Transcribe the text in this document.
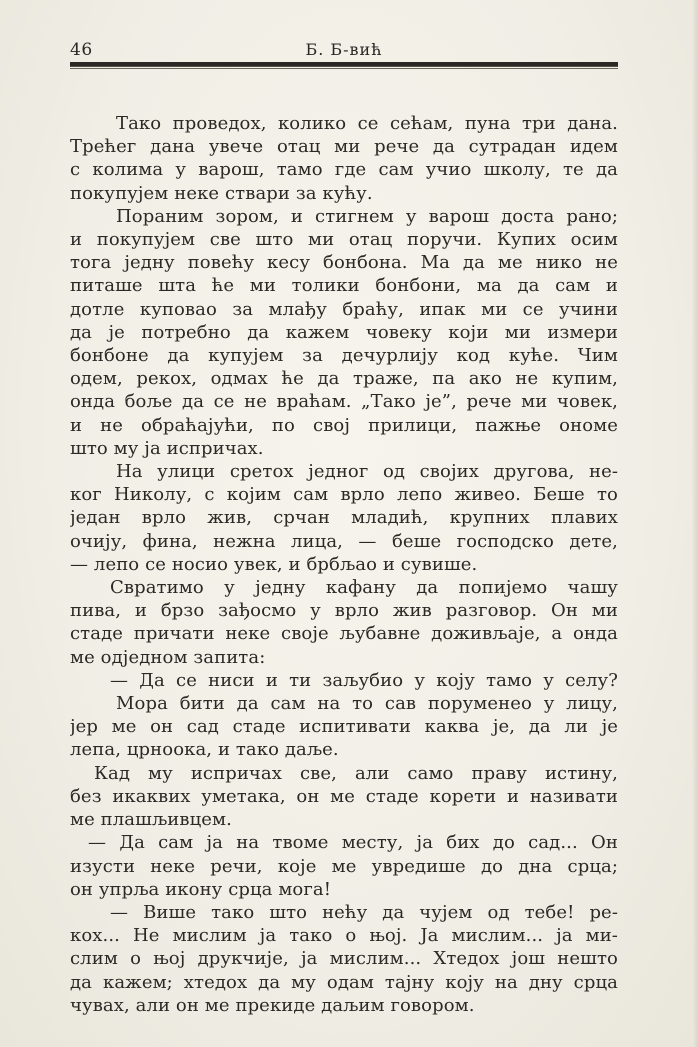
46	Б. Б-вић
Тако проведох, колико се сећам, пуна три дана.
Трећег дана увече отац ми рече да сутрадан идем
с колима у варош, тамо где сам учио школу, те да
покупујем неке ствари за кућу.
Пораним зором, и стигнем у варош доста рано;
и покупујем све што ми отац поручи. Купих осим
тога једну повећу кесу бонбона. Ма да ме нико не
питаше шта ће ми толики бонбони, ма да сам и
дотле куповао за млађу браћу, ипак ми се учини
да је потребно да кажем човеку који ми измери
бонбоне да купујем за дечурлију код куће. Чим
одем, рекох, одмах ће да траже, па ако не купим,
онда боље да се не враћам. „Тако је”, рече ми човек,
и не обраћајући, по свој прилици, пажње ономе
што му ја испричах.
На улици сретох једног од својих другова, не-
ког Николу, с којим сам врло лепо живео. Беше то
један врло жив, срчан младић, крупних плавих
очију, фина, нежна лица, — беше господско дете,
— лепо се носио увек, и брбљао и сувише.
Свратимо у једну кафану да попијемо чашу
пива, и брзо зађосмо у врло жив разговор. Он ми
стаде причати неке своје љубавне доживљаје, а онда
ме одједном запита:
— Да се ниси и ти заљубио у коју тамо у селу?
Мора бити да сам на то сав поруменео у лицу,
јер ме он сад стаде испитивати каква је, да ли је
лепа, црноока, и тако даље.
Кад му испричах све, али само праву истину,
без икаквих уметака, он ме стаде корети и називати
ме плашљивцем.
— Да сам ја на твоме месту, ја бих до сад... Он
изусти неке речи, које ме увредише до дна срца;
он упрља икону срца мога!
— Више тако што нећу да чујем од тебе! ре-
кох... Не мислим ја тако о њој. Ја мислим... ја ми-
слим о њој друкчије, ја мислим... Хтедох још нешто
да кажем; хтедох да му одам тајну коју на дну срца
чувах, али он ме прекиде даљим говором.
